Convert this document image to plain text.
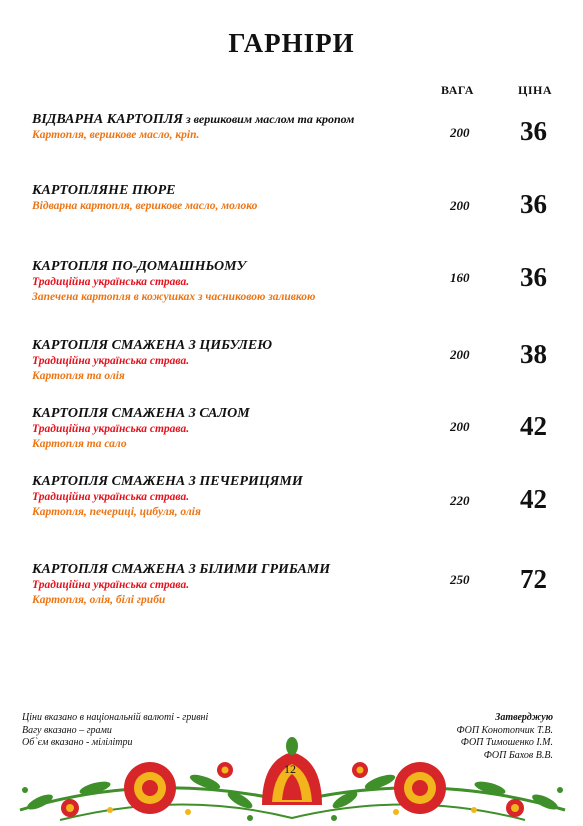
ГАРНІРИ
ВАГА	ЦІНА
ВІДВАРНА КАРТОПЛЯ з вершковим маслом та кропом
Картопля, вершкове масло, кріп.	200 36
КАРТОПЛЯНЕ ПЮРЕ
Відварна картопля, вершкове масло, молоко	200 36
КАРТОПЛЯ ПО-ДОМАШНЬОМУ
Традиційна українська страва.
Запечена картопля в кожушках з часниковою заливкою
160 36
КАРТОПЛЯ СМАЖЕНА З ЦИБУЛЕЮ
Традиційна українська страва.
Картопля та олія
200 38
КАРТОПЛЯ СМАЖЕНА З САЛОМ
Традиційна українська страва.
Картопля та сало
200 42
КАРТОПЛЯ СМАЖЕНА З ПЕЧЕРИЦЯМИ
Традиційна українська страва.
Картопля, печериці, цибуля, олія
220 42
КАРТОПЛЯ СМАЖЕНА З БІЛИМИ ГРИБАМИ
Традиційна українська страва.
Картопля, олія, білі гриби
250 72
Ціни вказано в національній валюті - гривні
Вагу вказано – грами
Об`єм вказано - мілілітри
Затверджую
ФОП Конотопчик Т.В.
ФОП Тимошенко І.М.
ФОП Бахов В.В.
12
